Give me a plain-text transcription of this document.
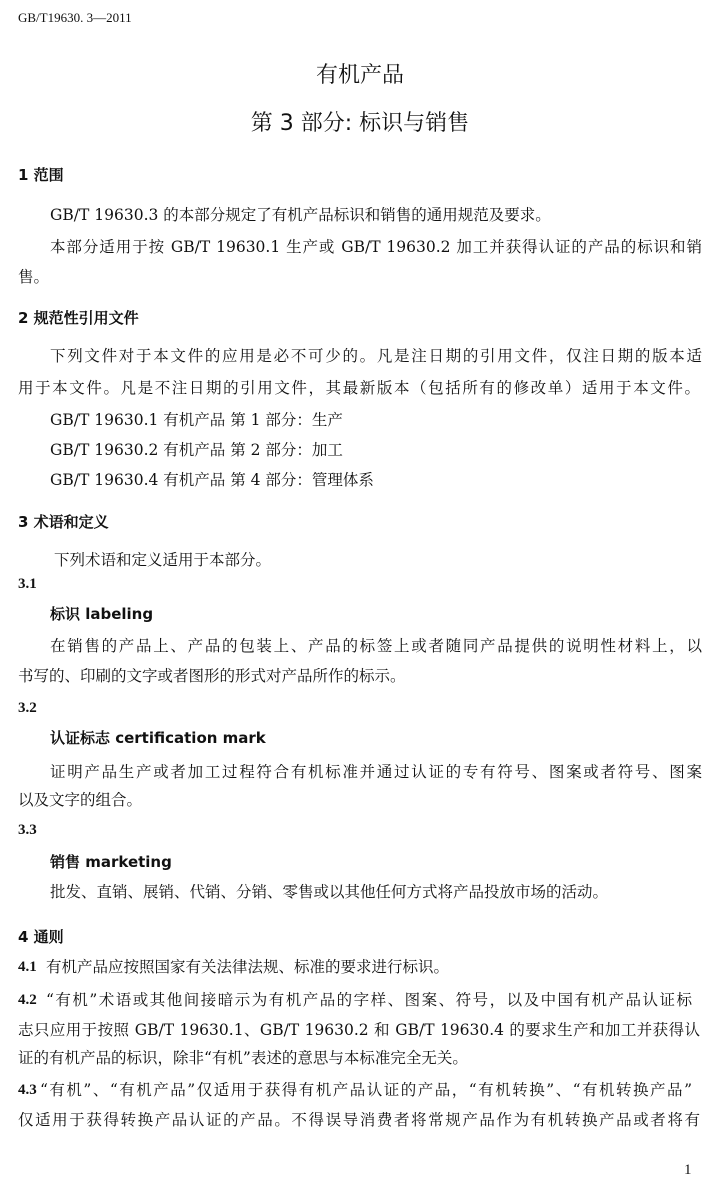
GB/T19630. 3—2011
有机产品
第 3 部分: 标识与销售
1 范围
GB/T 19630.3 的本部分规定了有机产品标识和销售的通用规范及要求。
本部分适用于按 GB/T 19630.1 生产或 GB/T 19630.2 加工并获得认证的产品的标识和销
售。
2 规范性引用文件
下列文件对于本文件的应用是必不可少的。凡是注日期的引用文件，仅注日期的版本适
用于本文件。凡是不注日期的引用文件，其最新版本（包括所有的修改单）适用于本文件。
GB/T 19630.1 有机产品 第 1 部分：生产
GB/T 19630.2 有机产品 第 2 部分：加工
GB/T 19630.4 有机产品 第 4 部分：管理体系
3 术语和定义
下列术语和定义适用于本部分。
3.1
标识 labeling
在销售的产品上、产品的包装上、产品的标签上或者随同产品提供的说明性材料上，以
书写的、印刷的文字或者图形的形式对产品所作的标示。
3.2
认证标志 certification mark
证明产品生产或者加工过程符合有机标准并通过认证的专有符号、图案或者符号、图案
以及文字的组合。
3.3
销售 marketing
批发、直销、展销、代销、分销、零售或以其他任何方式将产品投放市场的活动。
4 通则
4.1 有机产品应按照国家有关法律法规、标准的要求进行标识。
4.2 “有机”术语或其他间接暗示为有机产品的字样、图案、符号，以及中国有机产品认证标
志只应用于按照 GB/T 19630.1、GB/T 19630.2 和 GB/T 19630.4 的要求生产和加工并获得认
证的有机产品的标识，除非“有机”表述的意思与本标准完全无关。
4.3 “有机”、“有机产品”仅适用于获得有机产品认证的产品，“有机转换”、“有机转换产品”
仅适用于获得转换产品认证的产品。不得误导消费者将常规产品作为有机转换产品或者将有
1
